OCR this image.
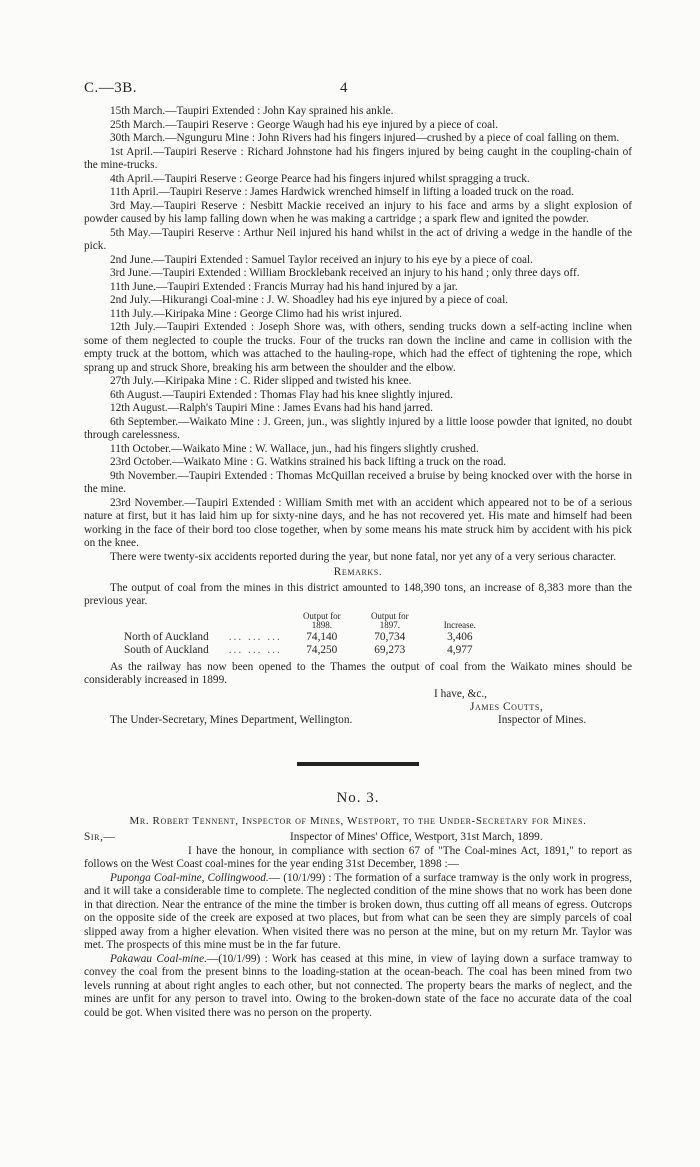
C.—3B.	4

15th March.—Taupiri Extended : John Kay sprained his ankle.

25th March.—Taupiri Reserve : George Waugh had his eye injured by a piece of coal.

30th March.—Ngunguru Mine : John Rivers had his fingers injured—crushed by a piece of coal falling on them.

1st April.—Taupiri Reserve : Richard Johnstone had his fingers injured by being caught in the coupling-chain of the mine-trucks.

4th April.—Taupiri Reserve : George Pearce had his fingers injured whilst spragging a truck.

11th April.—Taupiri Reserve : James Hardwick wrenched himself in lifting a loaded truck on the road.

3rd May.—Taupiri Reserve : Nesbitt Mackie received an injury to his face and arms by a slight explosion of powder caused by his lamp falling down when he was making a cartridge ; a spark flew and ignited the powder.

5th May.—Taupiri Reserve : Arthur Neil injured his hand whilst in the act of driving a wedge in the handle of the pick.

2nd June.—Taupiri Extended : Samuel Taylor received an injury to his eye by a piece of coal.

3rd June.—Taupiri Extended : William Brocklebank received an injury to his hand ; only three days off.

11th June.—Taupiri Extended : Francis Murray had his hand injured by a jar.

2nd July.—Hikurangi Coal-mine : J. W. Shoadley had his eye injured by a piece of coal.

11th July.—Kiripaka Mine : George Climo had his wrist injured.

12th July.—Taupiri Extended : Joseph Shore was, with others, sending trucks down a self-acting incline when some of them neglected to couple the trucks. Four of the trucks ran down the incline and came in collision with the empty truck at the bottom, which was attached to the hauling-rope, which had the effect of tightening the rope, which sprang up and struck Shore, breaking his arm between the shoulder and the elbow.

27th July.—Kiripaka Mine : C. Rider slipped and twisted his knee.

6th August.—Taupiri Extended : Thomas Flay had his knee slightly injured.

12th August.—Ralph's Taupiri Mine : James Evans had his hand jarred.

6th September.—Waikato Mine : J. Green, jun., was slightly injured by a little loose powder that ignited, no doubt through carelessness.

11th October.—Waikato Mine : W. Wallace, jun., had his fingers slightly crushed.

23rd October.—Waikato Mine : G. Watkins strained his back lifting a truck on the road.

9th November.—Taupiri Extended : Thomas McQuillan received a bruise by being knocked over with the horse in the mine.

23rd November.—Taupiri Extended : William Smith met with an accident which appeared not to be of a serious nature at first, but it has laid him up for sixty-nine days, and he has not recovered yet. His mate and himself had been working in the face of their bord too close together, when by some means his mate struck him by accident with his pick on the knee.

There were twenty-six accidents reported during the year, but none fatal, nor yet any of a very serious character.

Remarks.

The output of coal from the mines in this district amounted to 148,390 tons, an increase of 8,383 more than the previous year.

		Output for 1898.	Output for 1897.	Increase.
North of Auckland	... ... ...	74,140	70,734	3,406
South of Auckland	... ... ...	74,250	69,273	4,977

As the railway has now been opened to the Thames the output of coal from the Waikato mines should be considerably increased in 1899.

I have, &c.,
James Coutts,
The Under-Secretary, Mines Department, Wellington.	Inspector of Mines.
No. 3.
Mr. Robert Tennent, Inspector of Mines, Westport, to the Under-Secretary for Mines.
Sir,—	Inspector of Mines' Office, Westport, 31st March, 1899.

I have the honour, in compliance with section 67 of "The Coal-mines Act, 1891," to report as follows on the West Coast coal-mines for the year ending 31st December, 1898 :—

Puponga Coal-mine, Collingwood.— (10/1/99) : The formation of a surface tramway is the only work in progress, and it will take a considerable time to complete. The neglected condition of the mine shows that no work has been done in that direction. Near the entrance of the mine the timber is broken down, thus cutting off all means of egress. Outcrops on the opposite side of the creek are exposed at two places, but from what can be seen they are simply parcels of coal slipped away from a higher elevation. When visited there was no person at the mine, but on my return Mr. Taylor was met. The prospects of this mine must be in the far future.

Pakawau Coal-mine.—(10/1/99) : Work has ceased at this mine, in view of laying down a surface tramway to convey the coal from the present binns to the loading-station at the ocean-beach. The coal has been mined from two levels running at about right angles to each other, but not connected. The property bears the marks of neglect, and the mines are unfit for any person to travel into. Owing to the broken-down state of the face no accurate data of the coal could be got. When visited there was no person on the property.
